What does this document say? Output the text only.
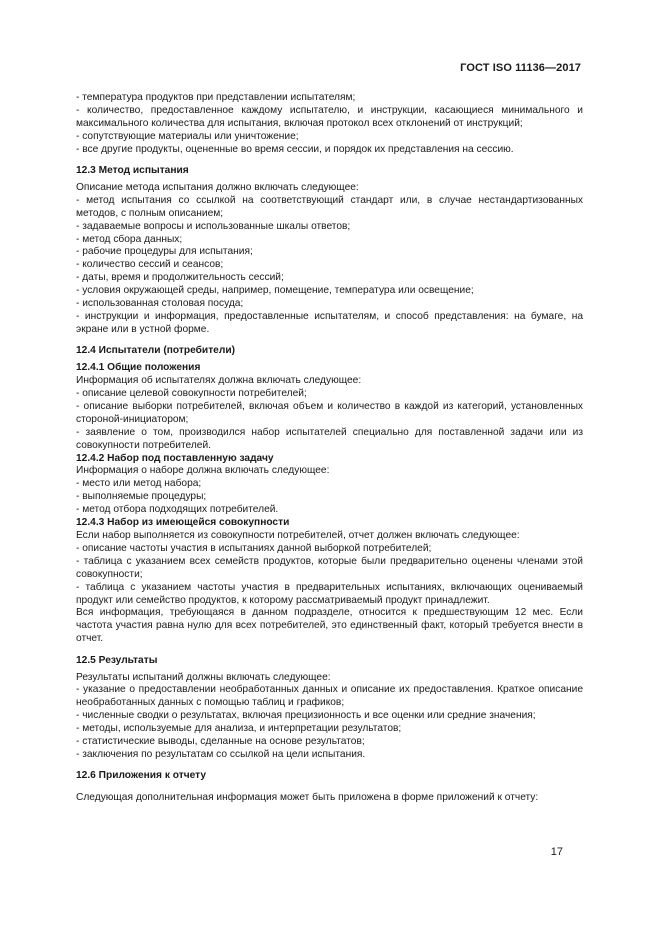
ГОСТ ISO 11136—2017

- температура продуктов при представлении испытателям;

- количество, предоставленное каждому испытателю, и инструкции, касающиеся минимального и максимального количества для испытания, включая протокол всех отклонений от инструкций;

- сопутствующие материалы или уничтожение;

- все другие продукты, оцененные во время сессии, и порядок их представления на сессию.

12.3 Метод испытания

Описание метода испытания должно включать следующее:

- метод испытания со ссылкой на соответствующий стандарт или, в случае нестандартизованных методов, с полным описанием;

- задаваемые вопросы и использованные шкалы ответов;

- метод сбора данных;

- рабочие процедуры для испытания;

- количество сессий и сеансов;

- даты, время и продолжительность сессий;

- условия окружающей среды, например, помещение, температура или освещение;

- использованная столовая посуда;

- инструкции и информация, предоставленные испытателям, и способ представления: на бумаге, на экране или в устной форме.

12.4 Испытатели (потребители)
12.4.1 Общие положения

Информация об испытателях должна включать следующее:

- описание целевой совокупности потребителей;

- описание выборки потребителей, включая объем и количество в каждой из категорий, установленных стороной-инициатором;

- заявление о том, производился набор испытателей специально для поставленной задачи или из совокупности потребителей.

12.4.2 Набор под поставленную задачу

Информация о наборе должна включать следующее:

- место или метод набора;

- выполняемые процедуры;

- метод отбора подходящих потребителей.

12.4.3 Набор из имеющейся совокупности

Если набор выполняется из совокупности потребителей, отчет должен включать следующее:

- описание частоты участия в испытаниях данной выборкой потребителей;

- таблица с указанием всех семейств продуктов, которые были предварительно оценены членами этой совокупности;

- таблица с указанием частоты участия в предварительных испытаниях, включающих оцениваемый продукт или семейство продуктов, к которому рассматриваемый продукт принадлежит.

Вся информация, требующаяся в данном подразделе, относится к предшествующим 12 мес. Если частота участия равна нулю для всех потребителей, это единственный факт, который требуется внести в отчет.

12.5 Результаты

Результаты испытаний должны включать следующее:

- указание о предоставлении необработанных данных и описание их предоставления. Краткое описание необработанных данных с помощью таблиц и графиков;

- численные сводки о результатах, включая прецизионность и все оценки или средние значения;

- методы, используемые для анализа, и интерпретации результатов;

- статистические выводы, сделанные на основе результатов;

- заключения по результатам со ссылкой на цели испытания.

12.6 Приложения к отчету

Следующая дополнительная информация может быть приложена в форме приложений к отчету:

17
